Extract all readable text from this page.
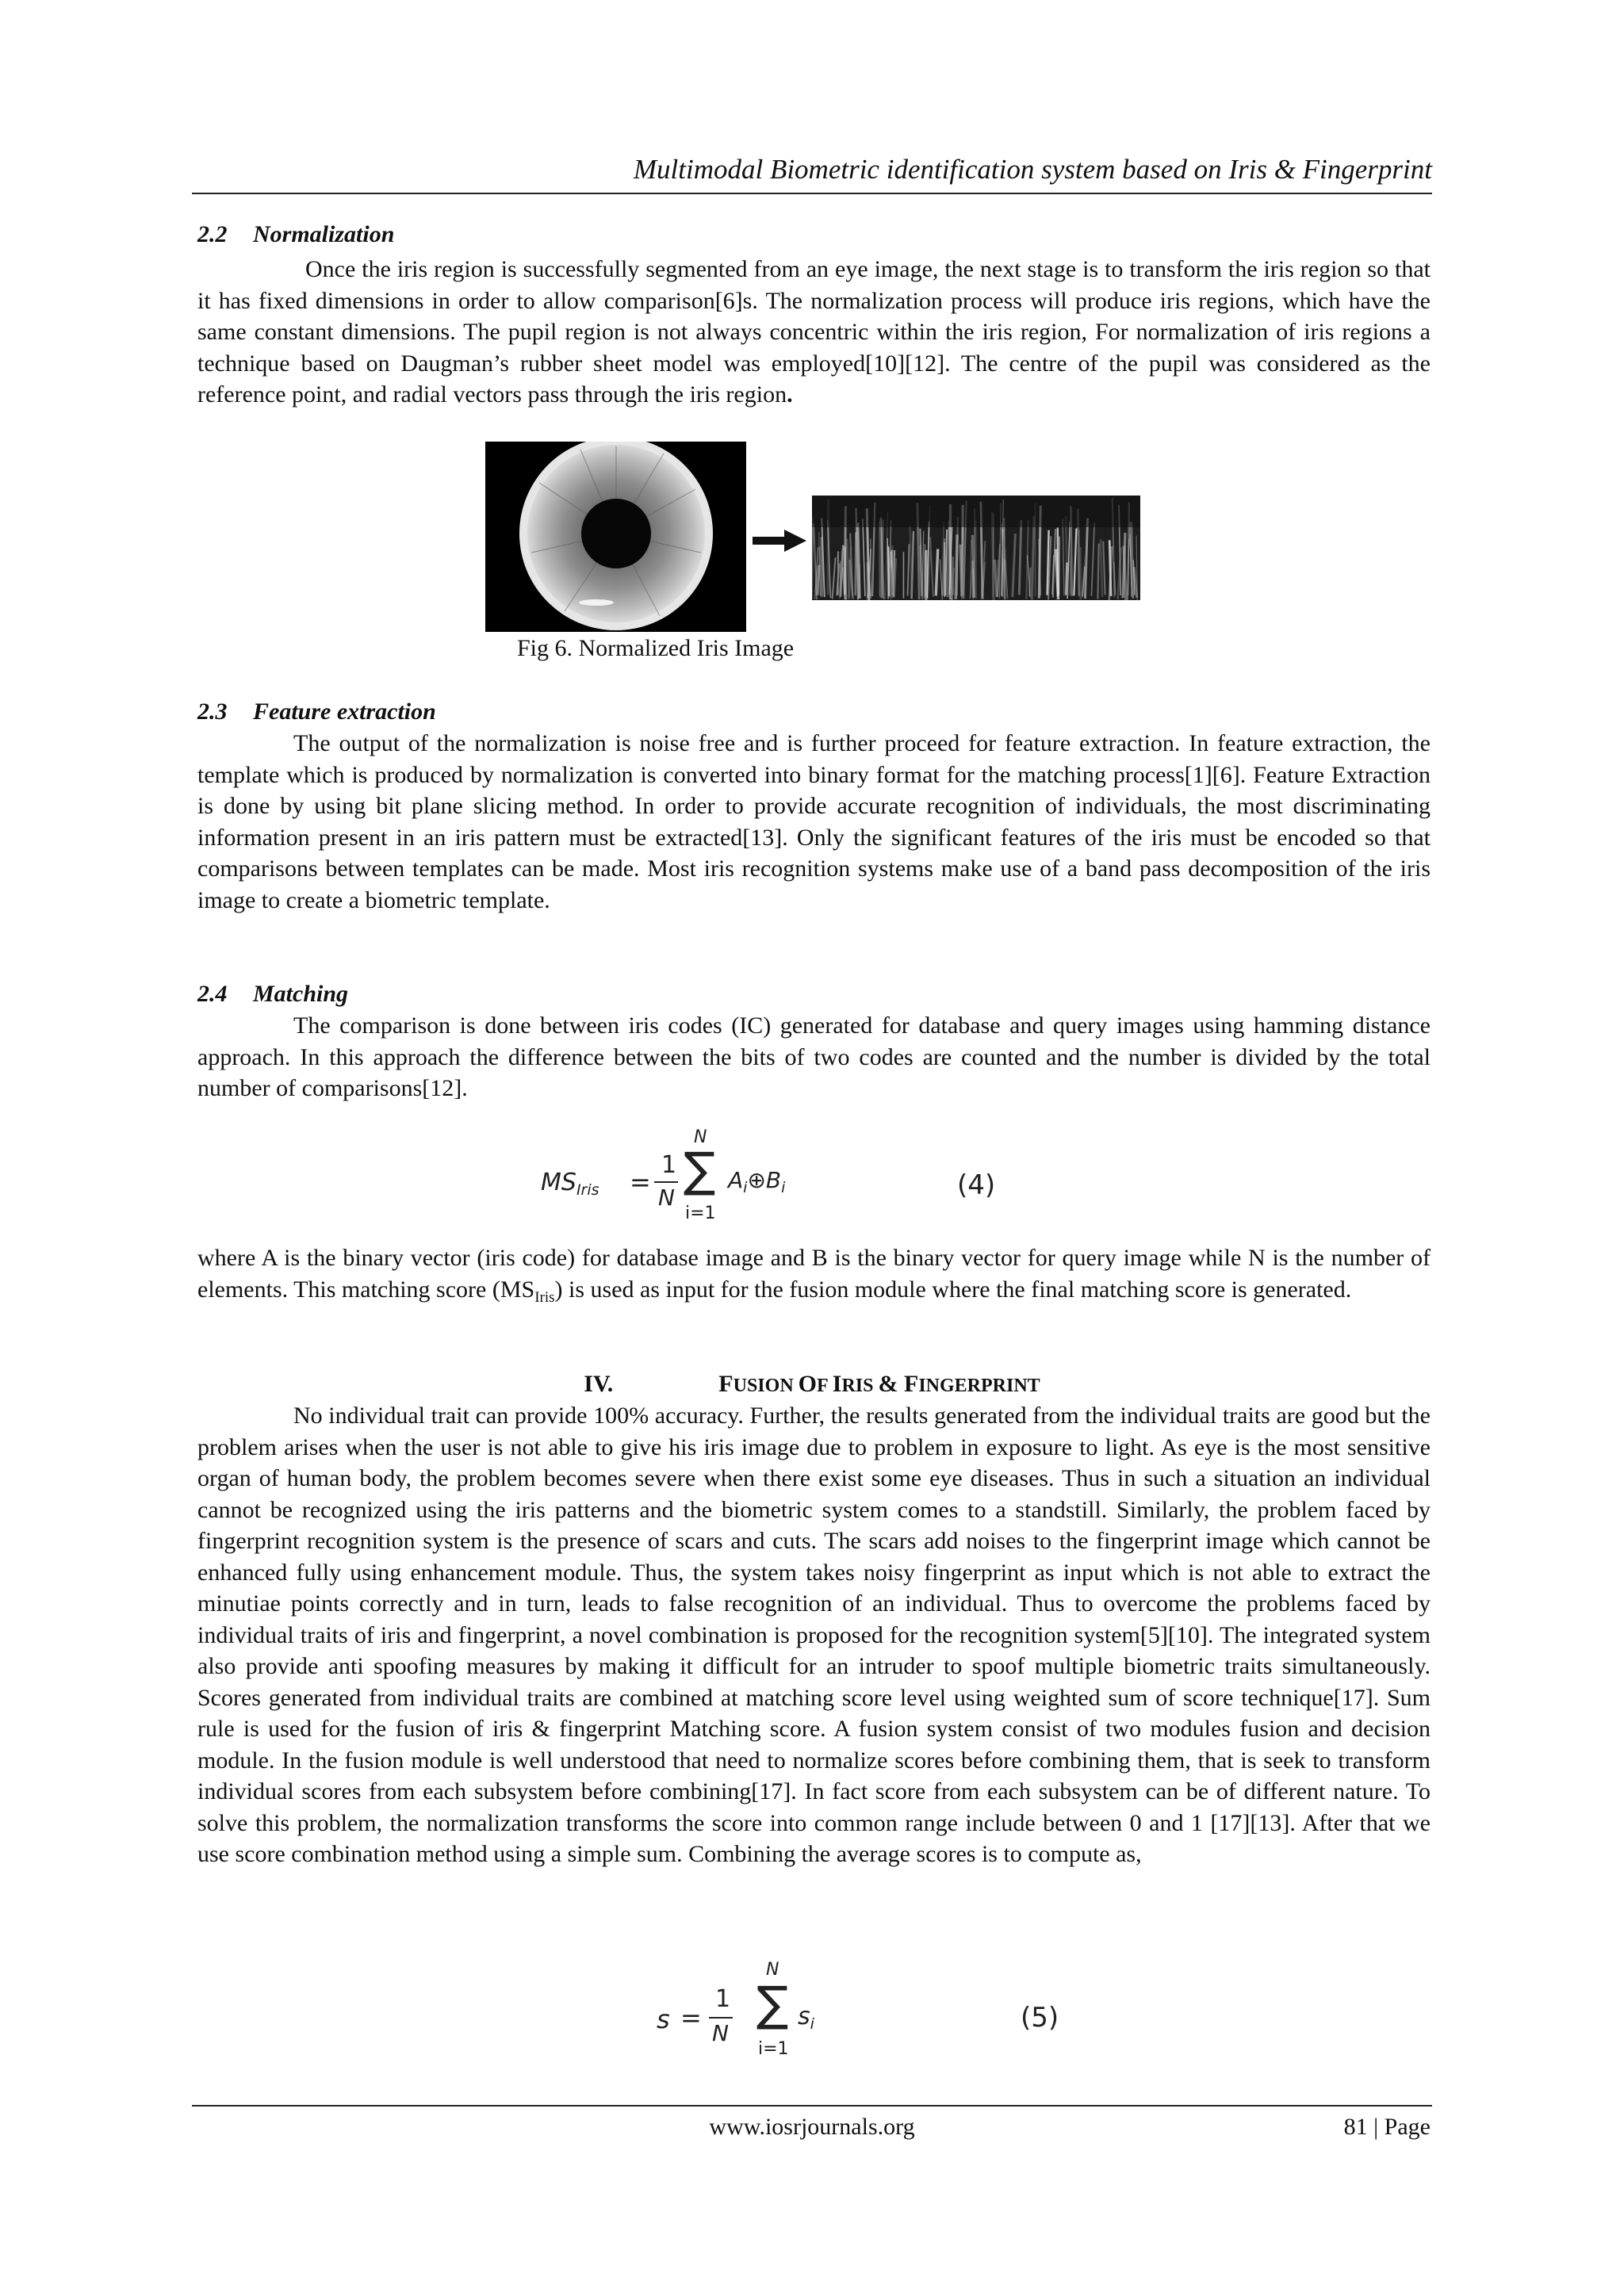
Multimodal Biometric identification system based on Iris & Fingerprint
2.2 Normalization
Once the iris region is successfully segmented from an eye image, the next stage is to transform the iris region so that it has fixed dimensions in order to allow comparison[6]s. The normalization process will produce iris regions, which have the same constant dimensions. The pupil region is not always concentric within the iris region, For normalization of iris regions a technique based on Daugman’s rubber sheet model was employed[10][12]. The centre of the pupil was considered as the reference point, and radial vectors pass through the iris region.
Fig 6. Normalized Iris Image
2.3 Feature extraction
The output of the normalization is noise free and is further proceed for feature extraction. In feature extraction, the template which is produced by normalization is converted into binary format for the matching process[1][6]. Feature Extraction is done by using bit plane slicing method. In order to provide accurate recognition of individuals, the most discriminating information present in an iris pattern must be extracted[13]. Only the significant features of the iris must be encoded so that comparisons between templates can be made. Most iris recognition systems make use of a band pass decomposition of the iris image to create a biometric template.
2.4 Matching
The comparison is done between iris codes (IC) generated for database and query images using hamming distance approach. In this approach the difference between the bits of two codes are counted and the number is divided by the total number of comparisons[12].
$MS_{Iris}$ =
1
N
N
∑
i=1
$A_i\oplus B_i$	(4)
where A is the binary vector (iris code) for database image and B is the binary vector for query image while N is the number of elements. This matching score $(MS_{Iris})$ is used as input for the fusion module where the final matching score is generated.
IV.	FUSION OF IRIS & FINGERPRINT
No individual trait can provide 100% accuracy. Further, the results generated from the individual traits are good but the problem arises when the user is not able to give his iris image due to problem in exposure to light. As eye is the most sensitive organ of human body, the problem becomes severe when there exist some eye diseases. Thus in such a situation an individual cannot be recognized using the iris patterns and the biometric system comes to a standstill. Similarly, the problem faced by fingerprint recognition system is the presence of scars and cuts. The scars add noises to the fingerprint image which cannot be enhanced fully using enhancement module. Thus, the system takes noisy fingerprint as input which is not able to extract the minutiae points correctly and in turn, leads to false recognition of an individual. Thus to overcome the problems faced by individual traits of iris and fingerprint, a novel combination is proposed for the recognition system[5][10]. The integrated system also provide anti spoofing measures by making it difficult for an intruder to spoof multiple biometric traits simultaneously. Scores generated from individual traits are combined at matching score level using weighted sum of score technique[17]. Sum rule is used for the fusion of iris & fingerprint Matching score. A fusion system consist of two modules fusion and decision module. In the fusion module is well understood that need to normalize scores before combining them, that is seek to transform individual scores from each subsystem before combining[17]. In fact score from each subsystem can be of different nature. To solve this problem, the normalization transforms the score into common range include between 0 and 1 [17][13]. After that we use score combination method using a simple sum. Combining the average scores is to compute as,
s =
1
N
N
∑
i=1
$s_i$	(5)
www.iosrjournals.org	81 | Page
